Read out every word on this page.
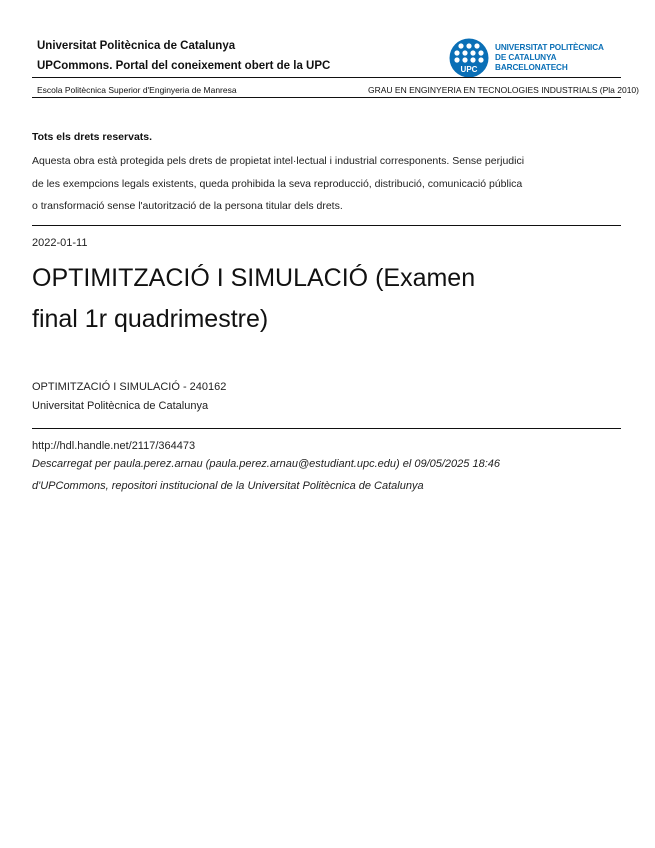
Universitat Politècnica de Catalunya
UPCommons. Portal del coneixement obert de la UPC	UPC
UNIVERSITAT POLITÈCNICA
DE CATALUNYA
BARCELONATECH
Escola Politècnica Superior d'Enginyeria de Manresa	GRAU EN ENGINYERIA EN TECNOLOGIES INDUSTRIALS (Pla 2010)
Tots els drets reservats.
Aquesta obra està protegida pels drets de propietat intel·lectual i industrial corresponents. Sense perjudici
de les exempcions legals existents, queda prohibida la seva reproducció, distribució, comunicació pública
o transformació sense l'autorització de la persona titular dels drets.
2022-01-11
OPTIMITZACIÓ I SIMULACIÓ (Examen
final 1r quadrimestre)
OPTIMITZACIÓ I SIMULACIÓ - 240162
Universitat Politècnica de Catalunya
http://hdl.handle.net/2117/364473
Descarregat per paula.perez.arnau (paula.perez.arnau@estudiant.upc.edu) el 09/05/2025 18:46
d'UPCommons, repositori institucional de la Universitat Politècnica de Catalunya
